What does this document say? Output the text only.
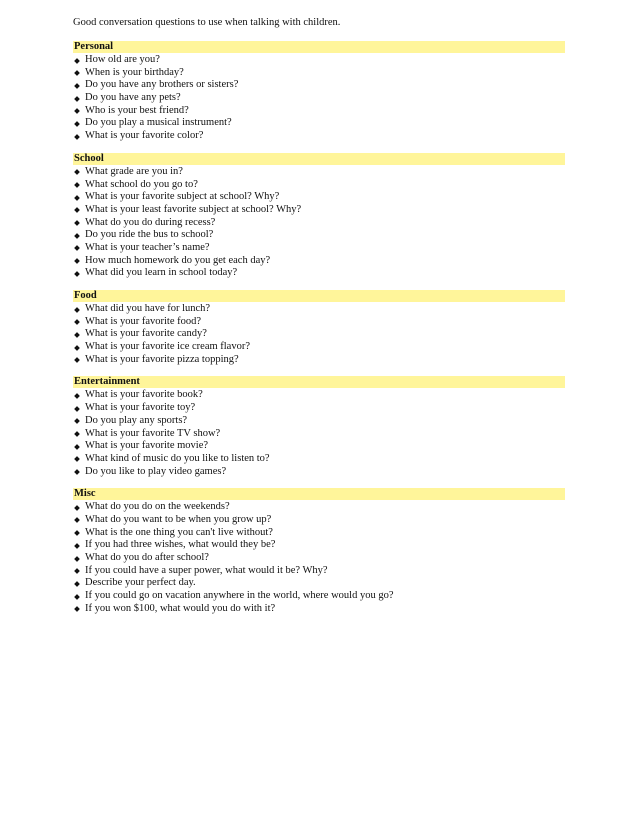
Good conversation questions to use when talking with children.
Personal
How old are you?
When is your birthday?
Do you have any brothers or sisters?
Do you have any pets?
Who is your best friend?
Do you play a musical instrument?
What is your favorite color?
School
What grade are you in?
What school do you go to?
What is your favorite subject at school? Why?
What is your least favorite subject at school? Why?
What do you do during recess?
Do you ride the bus to school?
What is your teacher’s name?
How much homework do you get each day?
What did you learn in school today?
Food
What did you have for lunch?
What is your favorite food?
What is your favorite candy?
What is your favorite ice cream flavor?
What is your favorite pizza topping?
Entertainment
What is your favorite book?
What is your favorite toy?
Do you play any sports?
What is your favorite TV show?
What is your favorite movie?
What kind of music do you like to listen to?
Do you like to play video games?
Misc
What do you do on the weekends?
What do you want to be when you grow up?
What is the one thing you can't live without?
If you had three wishes, what would they be?
What do you do after school?
If you could have a super power, what would it be? Why?
Describe your perfect day.
If you could go on vacation anywhere in the world, where would you go?
If you won $100, what would you do with it?
